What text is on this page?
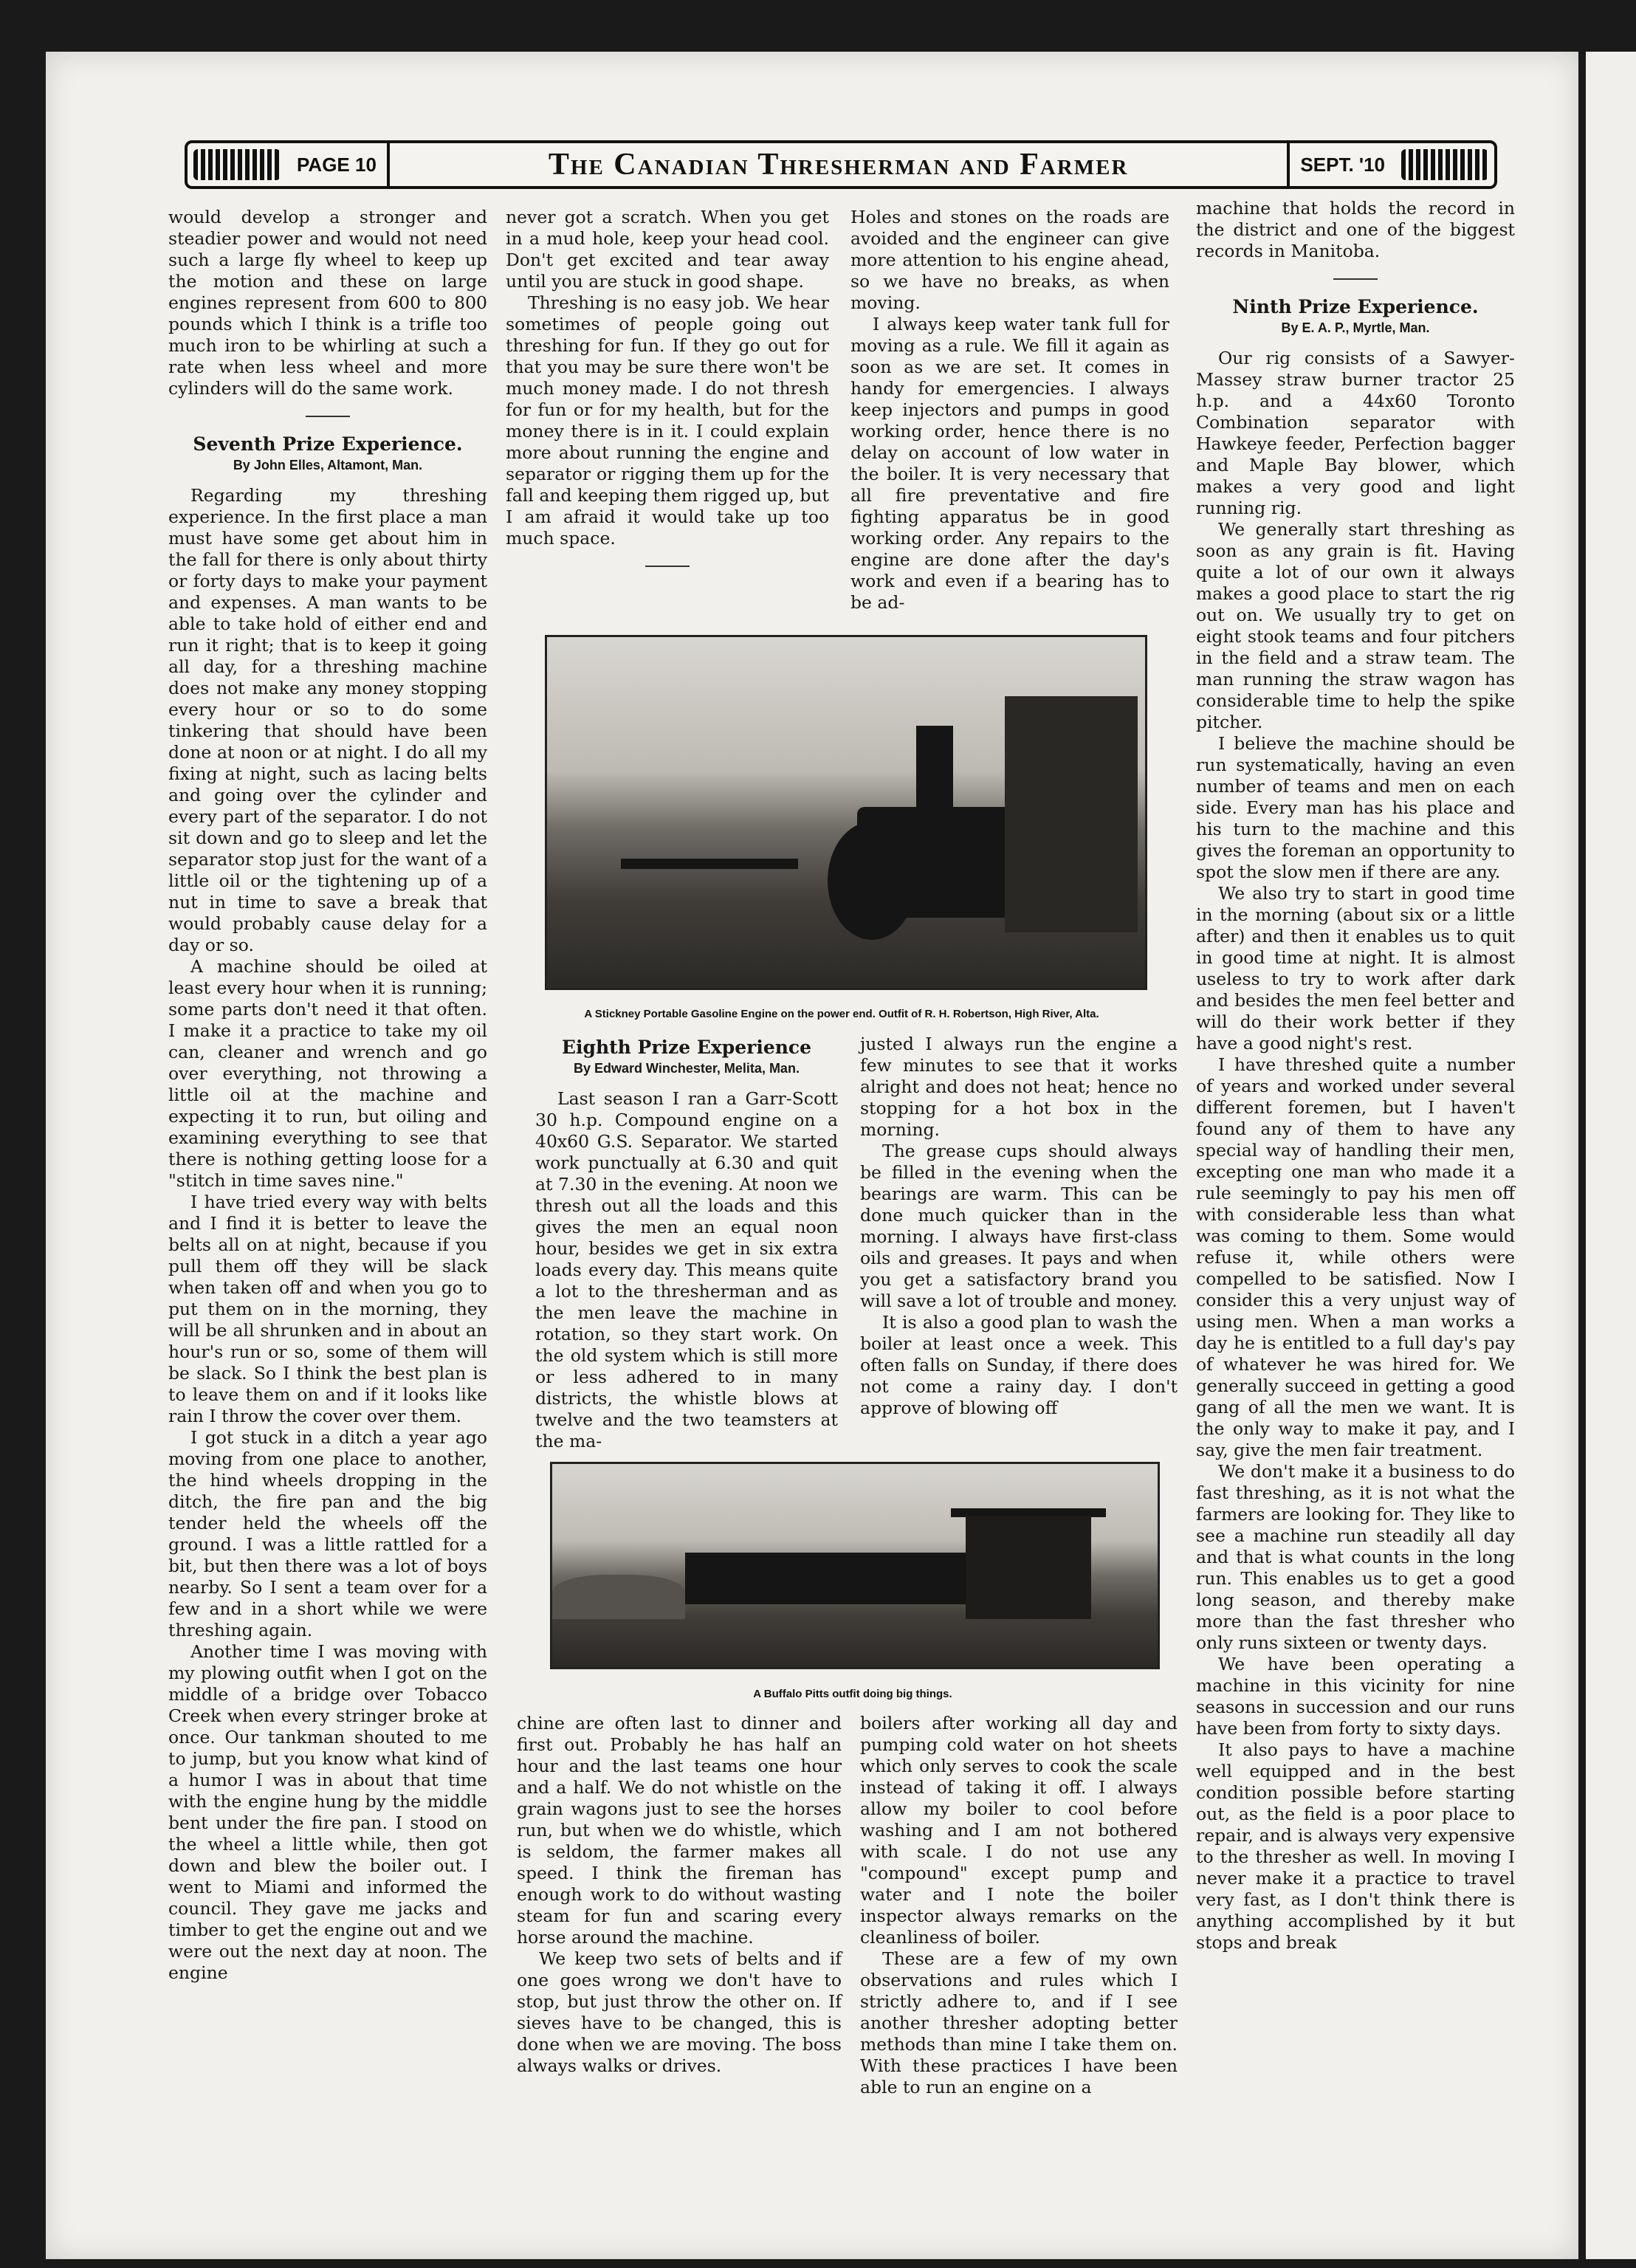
PAGE 10	The Canadian Thresherman and Farmer	SEPT. '10

would develop a stronger and steadier power and would not need such a large fly wheel to keep up the motion and these on large engines represent from 600 to 800 pounds which I think is a trifle too much iron to be whirling at such a rate when less wheel and more cylinders will do the same work.

Seventh Prize Experience.
By John Elles, Altamont, Man.

Regarding my threshing experience. In the first place a man must have some get about him in the fall for there is only about thirty or forty days to make your payment and expenses. A man wants to be able to take hold of either end and run it right; that is to keep it going all day, for a threshing machine does not make any money stopping every hour or so to do some tinkering that should have been done at noon or at night. I do all my fixing at night, such as lacing belts and going over the cylinder and every part of the separator. I do not sit down and go to sleep and let the separator stop just for the want of a little oil or the tightening up of a nut in time to save a break that would probably cause delay for a day or so.

A machine should be oiled at least every hour when it is running; some parts don't need it that often. I make it a practice to take my oil can, cleaner and wrench and go over everything, not throwing a little oil at the machine and expecting it to run, but oiling and examining everything to see that there is nothing getting loose for a "stitch in time saves nine."

I have tried every way with belts and I find it is better to leave the belts all on at night, because if you pull them off they will be slack when taken off and when you go to put them on in the morning, they will be all shrunken and in about an hour's run or so, some of them will be slack. So I think the best plan is to leave them on and if it looks like rain I throw the cover over them.

I got stuck in a ditch a year ago moving from one place to another, the hind wheels dropping in the ditch, the fire pan and the big tender held the wheels off the ground. I was a little rattled for a bit, but then there was a lot of boys nearby. So I sent a team over for a few and in a short while we were threshing again.

Another time I was moving with my plowing outfit when I got on the middle of a bridge over Tobacco Creek when every stringer broke at once. Our tankman shouted to me to jump, but you know what kind of a humor I was in about that time with the engine hung by the middle bent under the fire pan. I stood on the wheel a little while, then got down and blew the boiler out. I went to Miami and informed the council. They gave me jacks and timber to get the engine out and we were out the next day at noon. The engine

never got a scratch. When you get in a mud hole, keep your head cool. Don't get excited and tear away until you are stuck in good shape.

Threshing is no easy job. We hear sometimes of people going out threshing for fun. If they go out for that you may be sure there won't be much money made. I do not thresh for fun or for my health, but for the money there is in it. I could explain more about running the engine and separator or rigging them up for the fall and keeping them rigged up, but I am afraid it would take up too much space.

Holes and stones on the roads are avoided and the engineer can give more attention to his engine ahead, so we have no breaks, as when moving.

I always keep water tank full for moving as a rule. We fill it again as soon as we are set. It comes in handy for emergencies. I always keep injectors and pumps in good working order, hence there is no delay on account of low water in the boiler. It is very necessary that all fire preventative and fire fighting apparatus be in good working order. Any repairs to the engine are done after the day's work and even if a bearing has to be ad-

A Stickney Portable Gasoline Engine on the power end. Outfit of R. H. Robertson, High River, Alta.
Eighth Prize Experience
By Edward Winchester, Melita, Man.

Last season I ran a Garr-Scott 30 h.p. Compound engine on a 40x60 G.S. Separator. We started work punctually at 6.30 and quit at 7.30 in the evening. At noon we thresh out all the loads and this gives the men an equal noon hour, besides we get in six extra loads every day. This means quite a lot to the thresherman and as the men leave the machine in rotation, so they start work. On the old system which is still more or less adhered to in many districts, the whistle blows at twelve and the two teamsters at the ma-

justed I always run the engine a few minutes to see that it works alright and does not heat; hence no stopping for a hot box in the morning.

The grease cups should always be filled in the evening when the bearings are warm. This can be done much quicker than in the morning. I always have first-class oils and greases. It pays and when you get a satisfactory brand you will save a lot of trouble and money.

It is also a good plan to wash the boiler at least once a week. This often falls on Sunday, if there does not come a rainy day. I don't approve of blowing off

A Buffalo Pitts outfit doing big things.

chine are often last to dinner and first out. Probably he has half an hour and the last teams one hour and a half. We do not whistle on the grain wagons just to see the horses run, but when we do whistle, which is seldom, the farmer makes all speed. I think the fireman has enough work to do without wasting steam for fun and scaring every horse around the machine.

We keep two sets of belts and if one goes wrong we don't have to stop, but just throw the other on. If sieves have to be changed, this is done when we are moving. The boss always walks or drives.

boilers after working all day and pumping cold water on hot sheets which only serves to cook the scale instead of taking it off. I always allow my boiler to cool before washing and I am not bothered with scale. I do not use any "compound" except pump and water and I note the boiler inspector always remarks on the cleanliness of boiler.

These are a few of my own observations and rules which I strictly adhere to, and if I see another thresher adopting better methods than mine I take them on. With these practices I have been able to run an engine on a

machine that holds the record in the district and one of the biggest records in Manitoba.

Ninth Prize Experience.
By E. A. P., Myrtle, Man.

Our rig consists of a Sawyer-Massey straw burner tractor 25 h.p. and a 44x60 Toronto Combination separator with Hawkeye feeder, Perfection bagger and Maple Bay blower, which makes a very good and light running rig.

We generally start threshing as soon as any grain is fit. Having quite a lot of our own it always makes a good place to start the rig out on. We usually try to get on eight stook teams and four pitchers in the field and a straw team. The man running the straw wagon has considerable time to help the spike pitcher.

I believe the machine should be run systematically, having an even number of teams and men on each side. Every man has his place and his turn to the machine and this gives the foreman an opportunity to spot the slow men if there are any.

We also try to start in good time in the morning (about six or a little after) and then it enables us to quit in good time at night. It is almost useless to try to work after dark and besides the men feel better and will do their work better if they have a good night's rest.

I have threshed quite a number of years and worked under several different foremen, but I haven't found any of them to have any special way of handling their men, excepting one man who made it a rule seemingly to pay his men off with considerable less than what was coming to them. Some would refuse it, while others were compelled to be satisfied. Now I consider this a very unjust way of using men. When a man works a day he is entitled to a full day's pay of whatever he was hired for. We generally succeed in getting a good gang of all the men we want. It is the only way to make it pay, and I say, give the men fair treatment.

We don't make it a business to do fast threshing, as it is not what the farmers are looking for. They like to see a machine run steadily all day and that is what counts in the long run. This enables us to get a good long season, and thereby make more than the fast thresher who only runs sixteen or twenty days.

We have been operating a machine in this vicinity for nine seasons in succession and our runs have been from forty to sixty days.

It also pays to have a machine well equipped and in the best condition possible before starting out, as the field is a poor place to repair, and is always very expensive to the thresher as well. In moving I never make it a practice to travel very fast, as I don't think there is anything accomplished by it but stops and break
